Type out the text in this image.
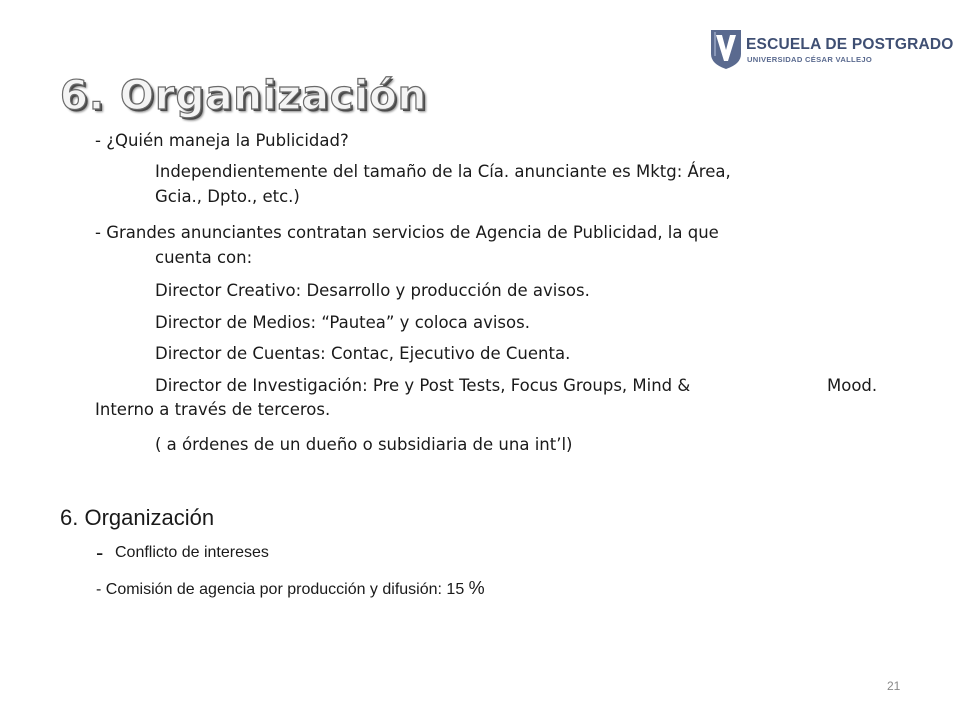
ESCUELA DE POSTGRADO
UNIVERSIDAD CÉSAR VALLEJO
6. Organización
- ¿Quién maneja la Publicidad?
Independientemente del tamaño de la Cía. anunciante es Mktg: Área,
Gcia., Dpto., etc.)
- Grandes anunciantes contratan servicios de Agencia de Publicidad, la que
cuenta con:
Director Creativo: Desarrollo y producción de avisos.
Director de Medios: “Pautea” y coloca avisos.
Director de Cuentas: Contac, Ejecutivo de Cuenta.
Director de Investigación: Pre y Post Tests, Focus Groups, Mind &	Mood.
Interno a través de terceros.
( a órdenes de un dueño o subsidiaria de una int’l)
6. Organización
- Conflicto de intereses
- Comisión de agencia por producción y difusión: 15 %
21
